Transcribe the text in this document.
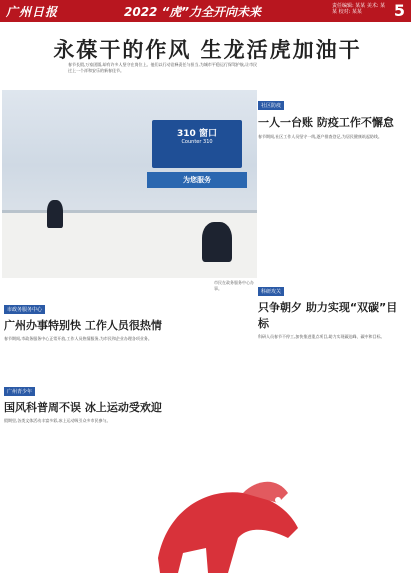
广州日报	2022 “虎”力全开向未来	责任编辑: 某某 美术: 某某 校对: 某某	5
永葆干的作风 生龙活虎加油干
春节长假,万家团圆,却有许多人坚守在岗位上。他们以行动诠释责任与担当,为城市平稳运行保驾护航,让市民过上一个祥和安乐的新春佳节。
310 窗口
Counter 310
为您服务
市民在政务服务中心办事。
社区防疫
一人一台账 防疫工作不懈怠
春节期间,社区工作人员坚守一线,逐户排查登记,为居民健康筑起防线。
市政务服务中心
广州办事特别快 工作人员很热情
春节期间,市政务服务中心正常开放,工作人员热情服务,为市民和企业办理各项业务。
广州青少年
国风科普周不误 冰上运动受欢迎
假期里,各类文体活动丰富多彩,冰上运动吸引众多市民参与。
科研攻关
只争朝夕 助力实现“双碳”目标
科研人员春节不停工,加快推进重点项目,助力实现碳达峰、碳中和目标。
